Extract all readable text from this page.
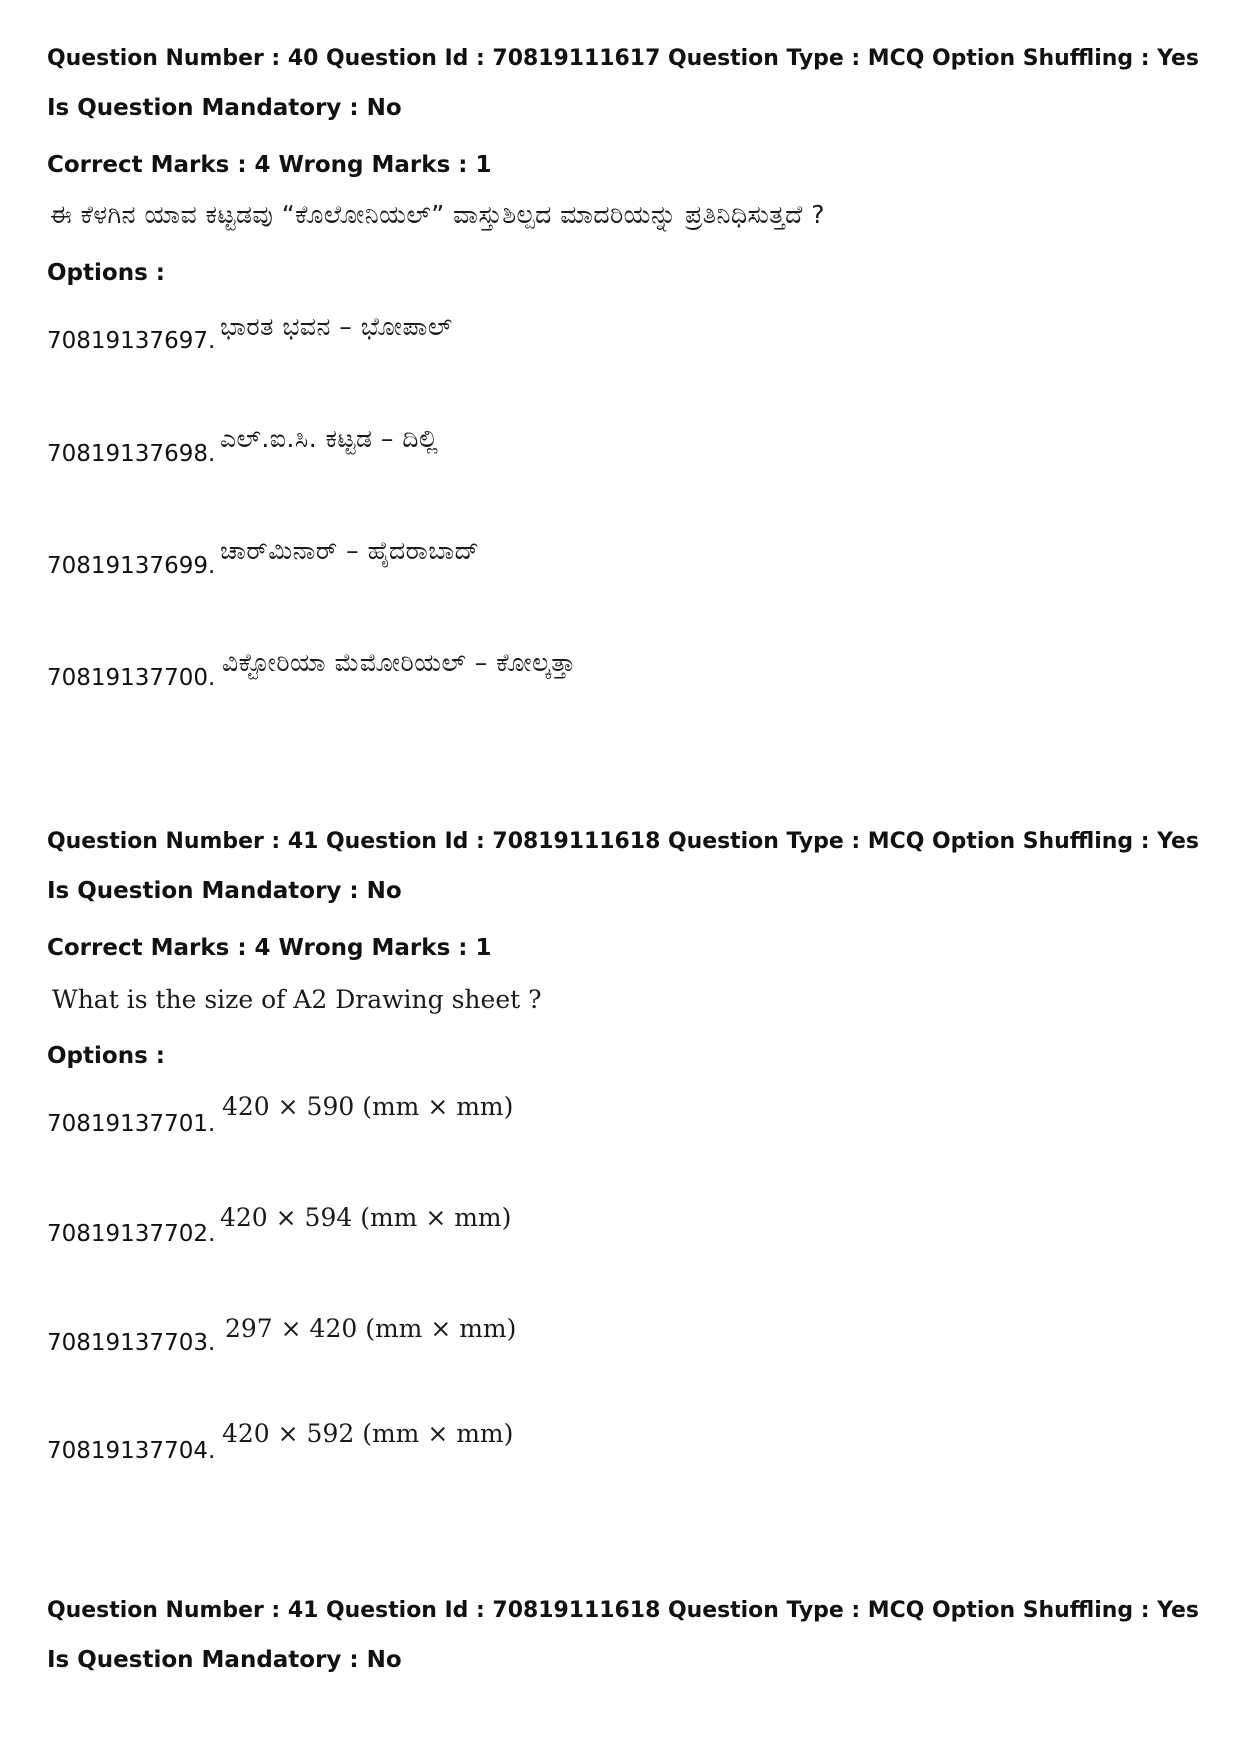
Question Number : 40 Question Id : 70819111617 Question Type : MCQ Option Shuffling : Yes
Is Question Mandatory : No
Correct Marks : 4 Wrong Marks : 1
ಈ ಕೆಳಗಿನ ಯಾವ ಕಟ್ಟಡವು “ಕೊಲೋನಿಯಲ್” ವಾಸ್ತುಶಿಲ್ಪದ ಮಾದರಿಯನ್ನು ಪ್ರತಿನಿಧಿಸುತ್ತದೆ ?
Options :
70819137697. ಭಾರತ ಭವನ – ಭೋಪಾಲ್
70819137698.
ಎಲ್.ಐ.ಸಿ. ಕಟ್ಟಡ – ದಿಲ್ಲಿ
70819137699.
ಚಾರ್‌ಮಿನಾರ್ – ಹೈದರಾಬಾದ್
70819137700.
ವಿಕ್ಟೋರಿಯಾ ಮೆಮೋರಿಯಲ್ – ಕೋಲ್ಕತ್ತಾ
Question Number : 41 Question Id : 70819111618 Question Type : MCQ Option Shuffling : Yes
Is Question Mandatory : No
Correct Marks : 4 Wrong Marks : 1
What is the size of A2 Drawing sheet ?
Options :
70819137701.
420 × 590 (mm × mm)
70819137702.
420 × 594 (mm × mm)
70819137703. 297 × 420 (mm × mm)
70819137704.
420 × 592 (mm × mm)
Question Number : 41 Question Id : 70819111618 Question Type : MCQ Option Shuffling : Yes
Is Question Mandatory : No
